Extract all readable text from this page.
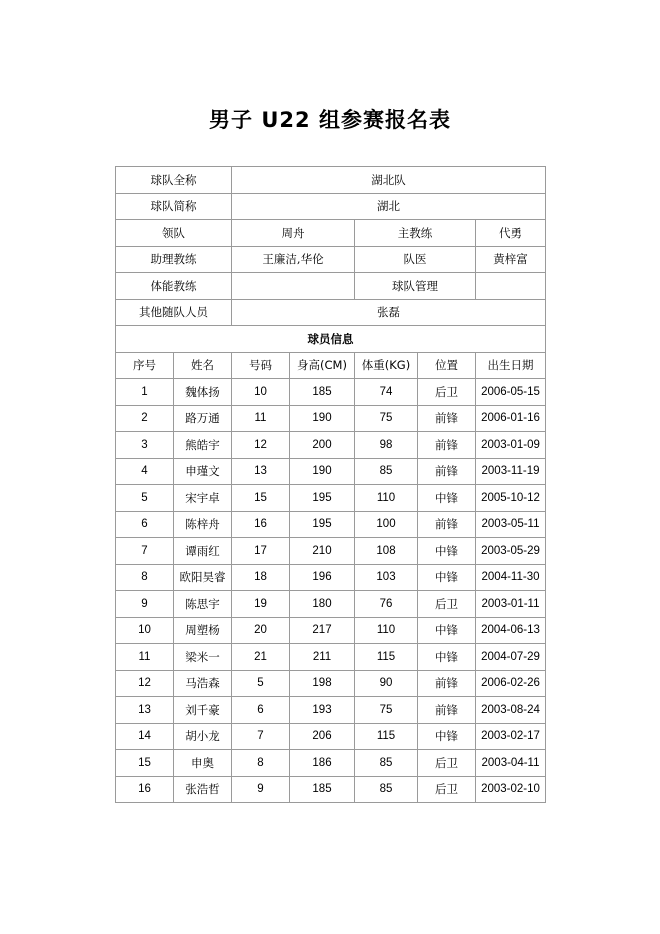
男子 U22 组参赛报名表
球队全称		湖北队				
球队简称		湖北				
领队		周舟		主教练		代勇
助理教练		王廉洁,华伦		队医		黄梓富
体能教练				球队管理		
其他随队人员		张磊				
球员信息						
序号	姓名	号码	身高(CM)	体重(KG)	位置	出生日期
1	魏体扬	10	185	74	后卫	2006-05-15
2	路万通	11	190	75	前锋	2006-01-16
3	熊皓宇	12	200	98	前锋	2003-01-09
4	申瑾文	13	190	85	前锋	2003-11-19
5	宋宇卓	15	195	110	中锋	2005-10-12
6	陈梓舟	16	195	100	前锋	2003-05-11
7	谭雨红	17	210	108	中锋	2003-05-29
8	欧阳昊睿	18	196	103	中锋	2004-11-30
9	陈思宇	19	180	76	后卫	2003-01-11
10	周塑杨	20	217	110	中锋	2004-06-13
11	梁米一	21	211	115	中锋	2004-07-29
12	马浩森	5	198	90	前锋	2006-02-26
13	刘千豪	6	193	75	前锋	2003-08-24
14	胡小龙	7	206	115	中锋	2003-02-17
15	申奥	8	186	85	后卫	2003-04-11
16	张浩哲	9	185	85	后卫	2003-02-10
